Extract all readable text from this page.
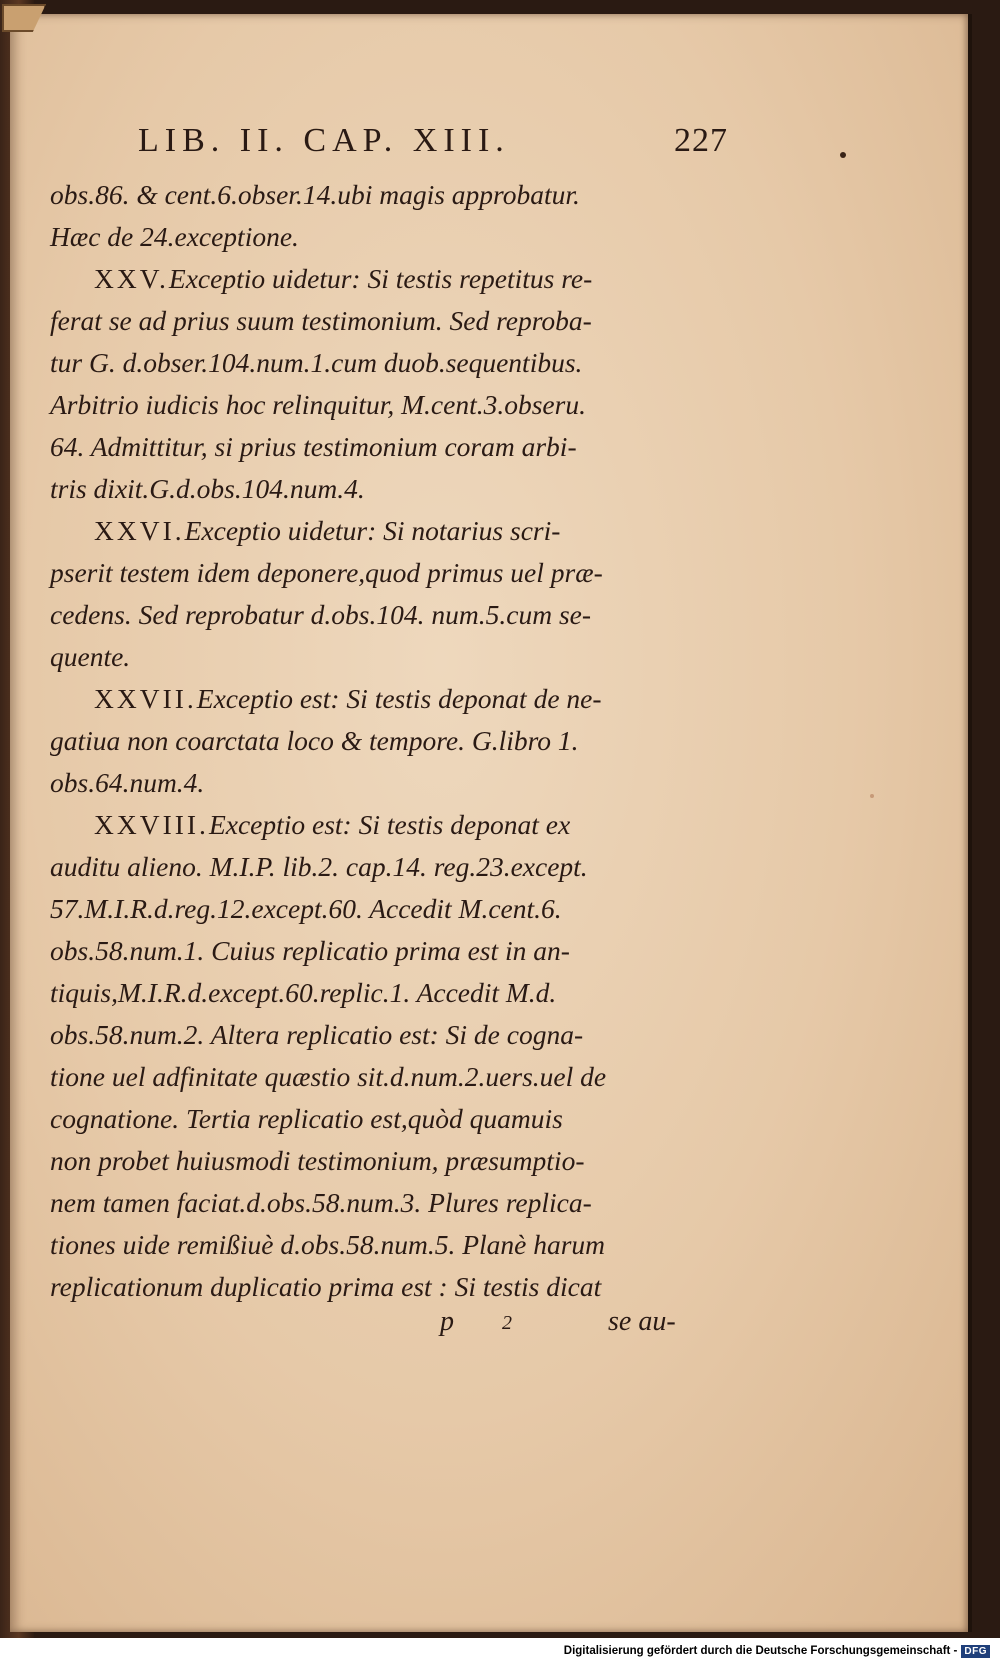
LIB. II. CAP. XIII.	227
obs.86. & cent.6.obser.14.ubi magis approbatur.
Hæc de 24.exceptione.
XXV.Exceptio uidetur: Si testis repetitus re-
ferat se ad prius suum testimonium. Sed reproba-
tur G. d.obser.104.num.1.cum duob.sequentibus.
Arbitrio iudicis hoc relinquitur, M.cent.3.obseru.
64. Admittitur, si prius testimonium coram arbi-
tris dixit.G.d.obs.104.num.4.
XXVI.Exceptio uidetur: Si notarius scri-
pserit testem idem deponere,quod primus uel præ-
cedens. Sed reprobatur d.obs.104. num.5.cum se-
quente.
XXVII.Exceptio est: Si testis deponat de ne-
gatiua non coarctata loco & tempore. G.libro 1.
obs.64.num.4.
XXVIII.Exceptio est: Si testis deponat ex
auditu alieno. M.I.P. lib.2. cap.14. reg.23.except.
57.M.I.R.d.reg.12.except.60. Accedit M.cent.6.
obs.58.num.1. Cuius replicatio prima est in an-
tiquis,M.I.R.d.except.60.replic.1. Accedit M.d.
obs.58.num.2. Altera replicatio est: Si de cogna-
tione uel adfinitate quæstio sit.d.num.2.uers.uel de
cognatione. Tertia replicatio est,quòd quamuis
non probet huiusmodi testimonium, præsumptio-
nem tamen faciat.d.obs.58.num.3. Plures replica-
tiones uide remißiuè d.obs.58.num.5. Planè harum
replicationum duplicatio prima est : Si testis dicat
p 2	se au-
Digitalisierung gefördert durch die Deutsche Forschungsgemeinschaft - DFG
